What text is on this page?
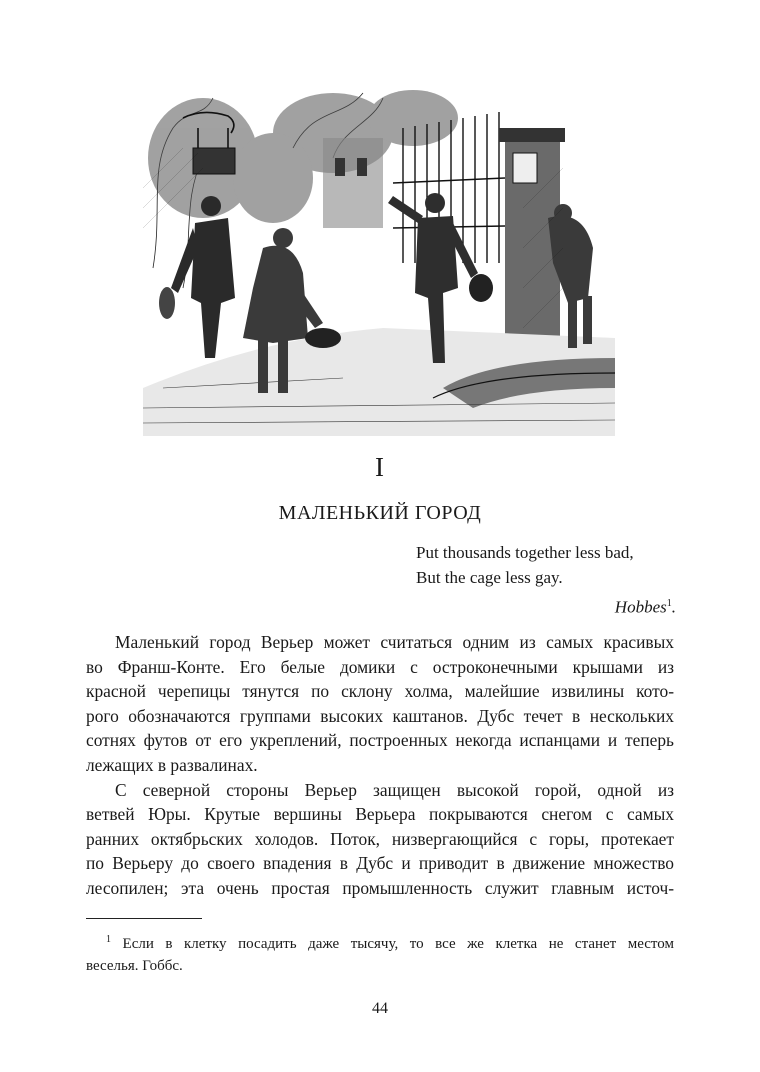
I
МАЛЕНЬКИЙ ГОРОД
Put thousands together less bad,
But the cage less gay.
Hobbes$^1$.
Маленький город Верьер может считаться одним из самых красивых
во Франш-Конте. Его белые домики с остроконечными крышами из
красной черепицы тянутся по склону холма, малейшие извилины кото-
рого обозначаются группами высоких каштанов. Дубс течет в нескольких
сотнях футов от его укреплений, построенных некогда испанцами и теперь
лежащих в развалинах.
С северной стороны Верьер защищен высокой горой, одной из
ветвей Юры. Крутые вершины Верьера покрываются снегом с самых
ранних октябрьских холодов. Поток, низвергающийся с горы, протекает
по Верьеру до своего впадения в Дубс и приводит в движение множество
лесопилен; эта очень простая промышленность служит главным источ-
$^1$ Если в клетку посадить даже тысячу, то все же клетка не станет местом
веселья. Гоббс.
44
